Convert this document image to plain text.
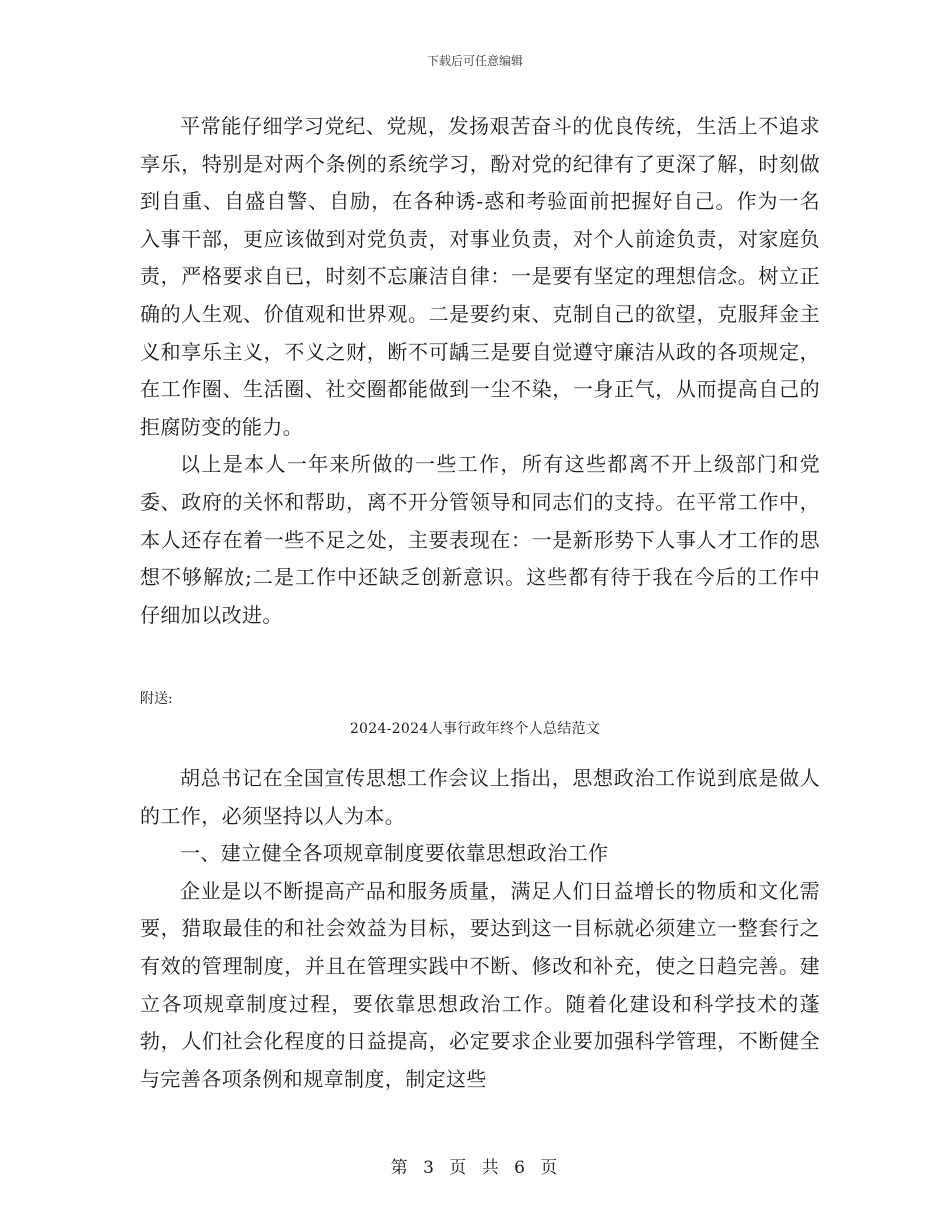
下载后可任意编辑

平常能仔细学习党纪、党规，发扬艰苦奋斗的优良传统，生活上不追求享乐，特别是对两个条例的系统学习，酚对党的纪律有了更深了解，时刻做到自重、自盛自警、自励，在各种诱-惑和考验面前把握好自己。作为一名入事干部，更应该做到对党负责，对事业负责，对个人前途负责，对家庭负责，严格要求自已，时刻不忘廉洁自律：一是要有坚定的理想信念。树立正确的人生观、价值观和世界观。二是要约束、克制自己的欲望，克服拜金主义和享乐主义，不义之财，断不可龋三是要自觉遵守廉洁从政的各项规定，在工作圈、生活圈、社交圈都能做到一尘不染，一身正气，从而提高自己的拒腐防变的能力。

以上是本人一年来所做的一些工作，所有这些都离不开上级部门和党委、政府的关怀和帮助，离不开分管领导和同志们的支持。在平常工作中，本人还存在着一些不足之处，主要表现在：一是新形势下人事人才工作的思想不够解放;二是工作中还缺乏创新意识。这些都有待于我在今后的工作中仔细加以改进。

附送:
2024-2024人事行政年终个人总结范文

胡总书记在全国宣传思想工作会议上指出，思想政治工作说到底是做人的工作，必须坚持以人为本。

一、建立健全各项规章制度要依靠思想政治工作

企业是以不断提高产品和服务质量，满足人们日益增长的物质和文化需要，猎取最佳的和社会效益为目标，要达到这一目标就必须建立一整套行之有效的管理制度，并且在管理实践中不断、修改和补充，使之日趋完善。建立各项规章制度过程，要依靠思想政治工作。随着化建设和科学技术的蓬勃，人们社会化程度的日益提高，必定要求企业要加强科学管理，不断健全与完善各项条例和规章制度，制定这些

第 3 页 共 6 页
